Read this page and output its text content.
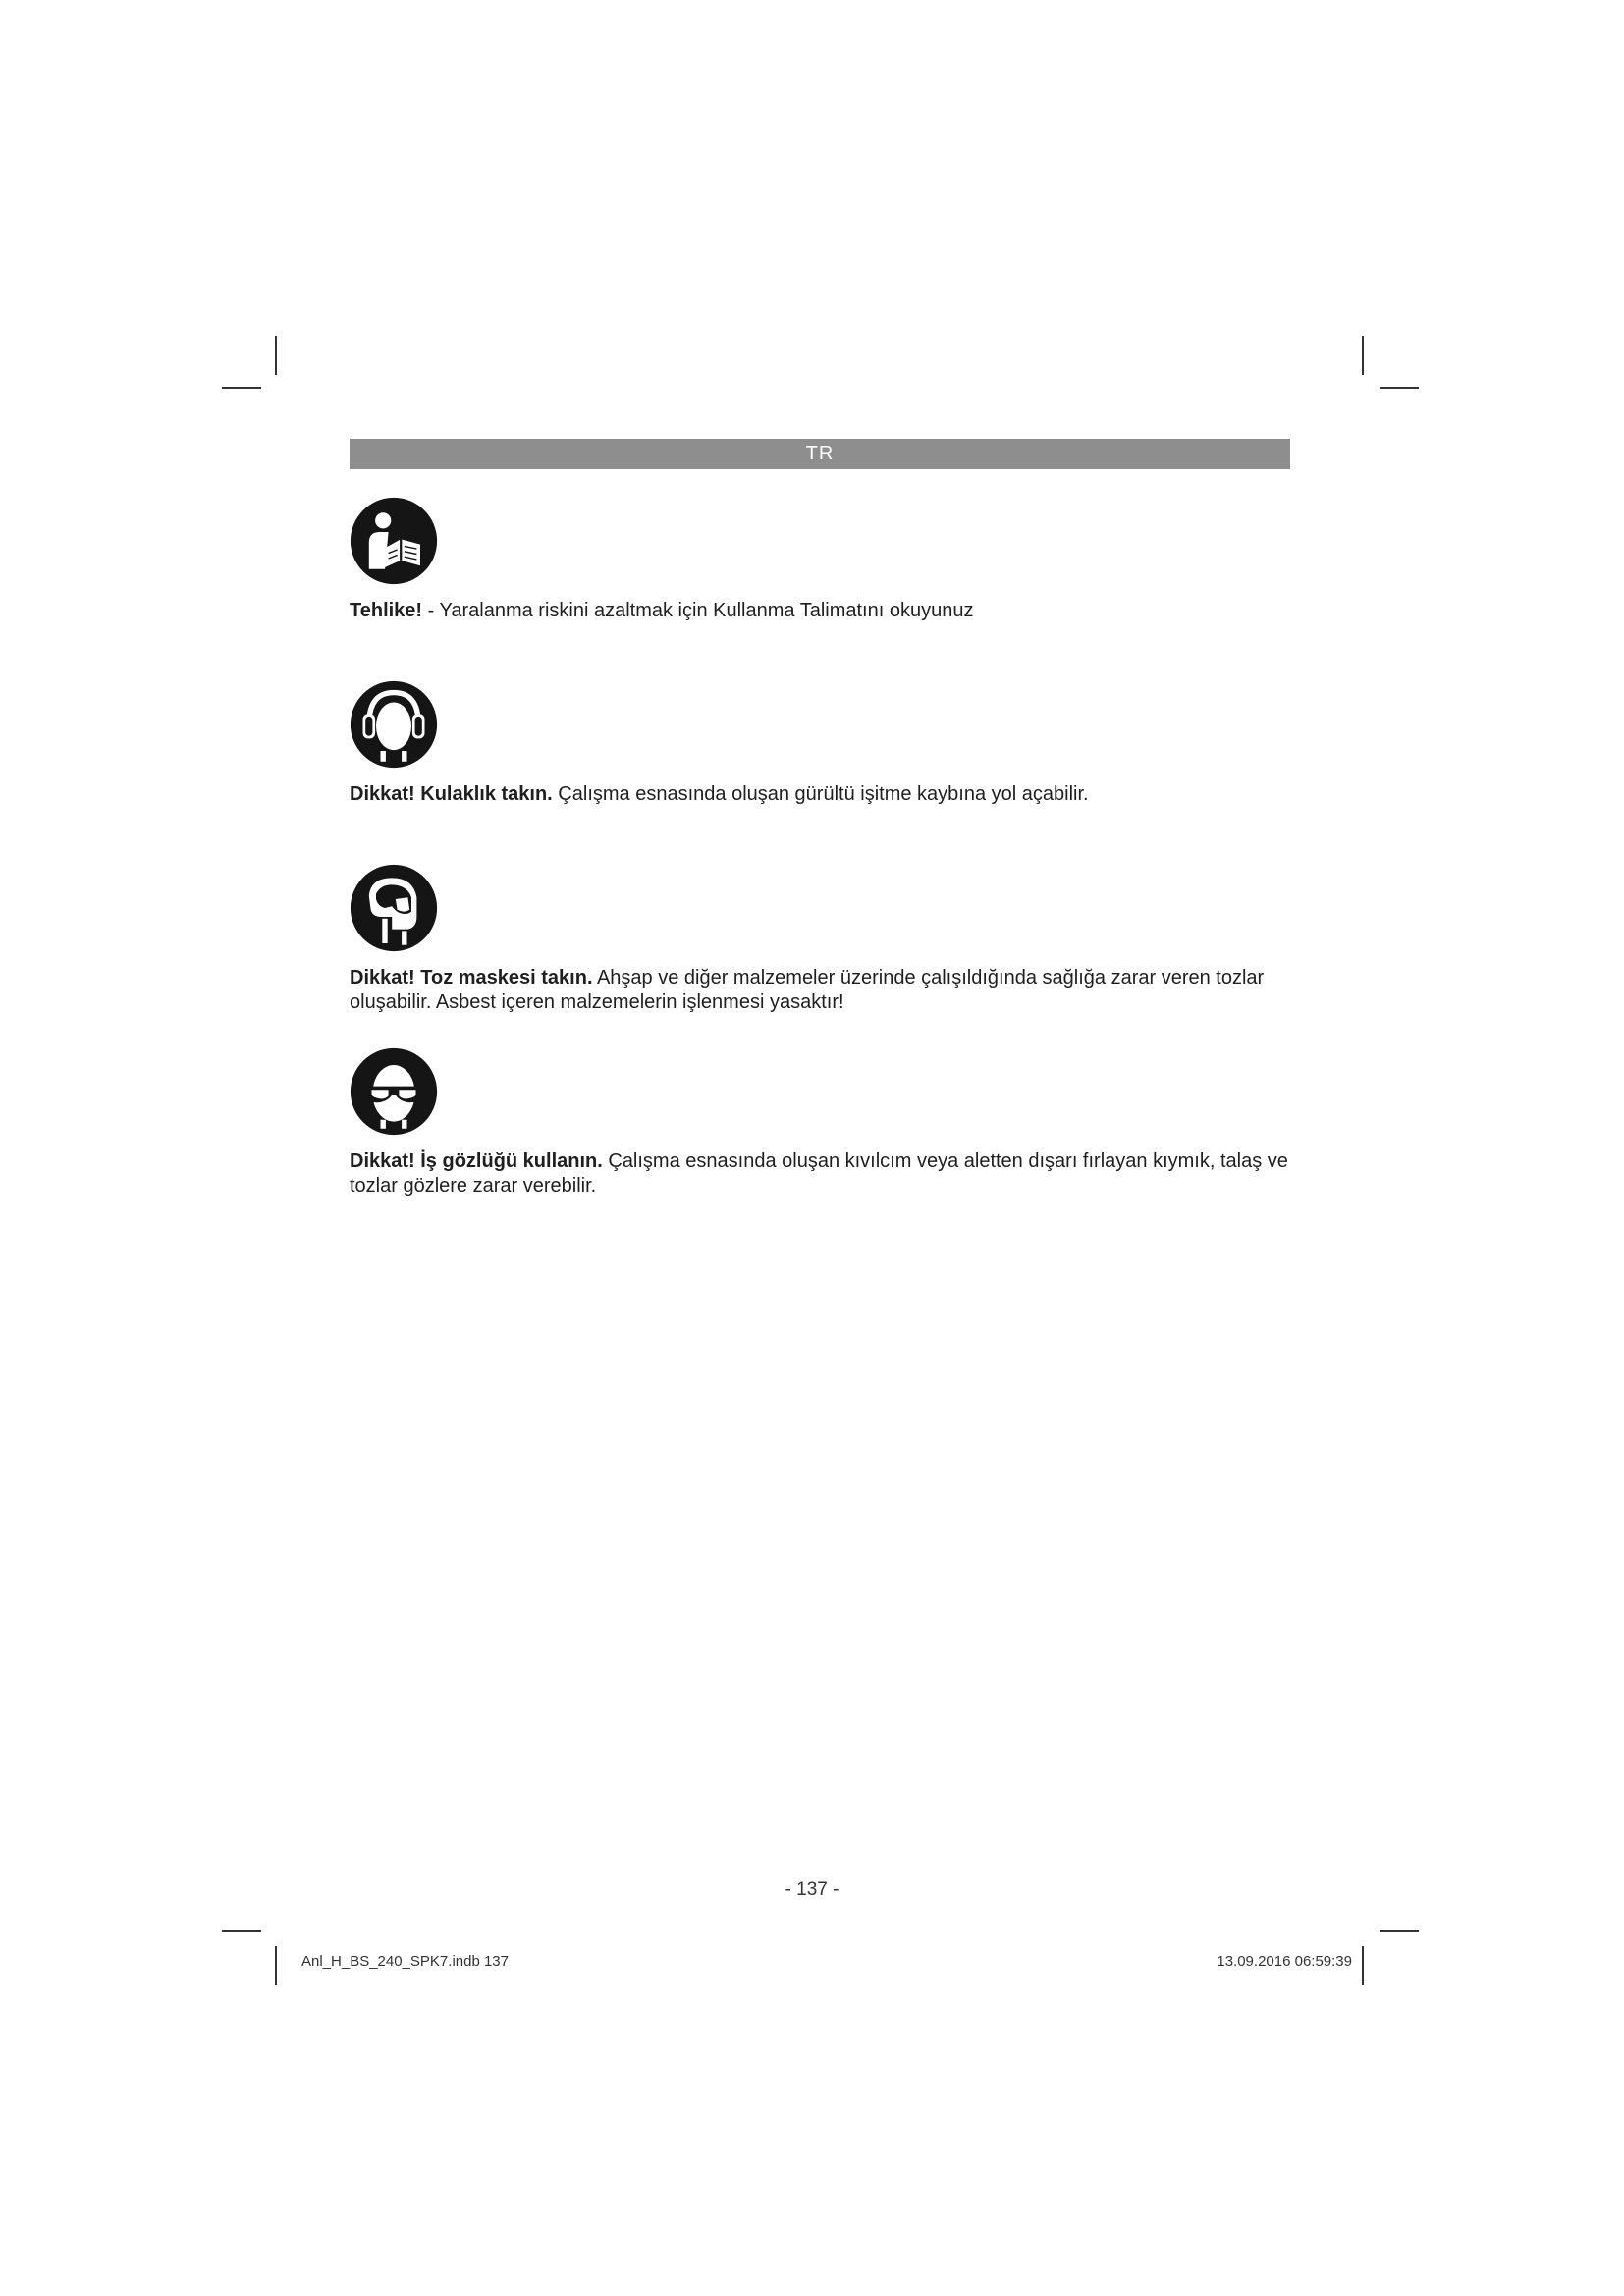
TR
Tehlike! - Yaralanma riskini azaltmak için Kullanma Talimatını okuyunuz
Dikkat! Kulaklık takın. Çalışma esnasında oluşan gürültü işitme kaybına yol açabilir.
Dikkat! Toz maskesi takın. Ahşap ve diğer malzemeler üzerinde çalışıldığında sağlığa zarar veren tozlar oluşabilir. Asbest içeren malzemelerin işlenmesi yasaktır!
Dikkat! İş gözlüğü kullanın. Çalışma esnasında oluşan kıvılcım veya aletten dışarı fırlayan kıymık, talaş ve tozlar gözlere zarar verebilir.
- 137 -
Anl_H_BS_240_SPK7.indb 137	13.09.2016 06:59:39
